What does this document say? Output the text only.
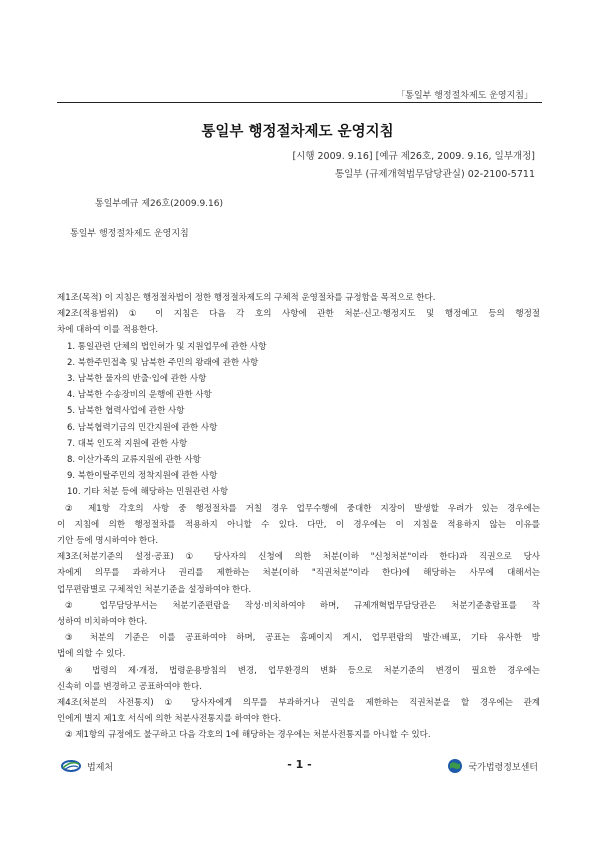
「통일부 행정절차제도 운영지침」
통일부 행정절차제도 운영지침
[시행 2009. 9.16] [예규 제26호, 2009. 9.16, 일부개정]
통일부 (규제개혁법무담당관실) 02-2100-5711
통일부예규 제26호(2009.9.16)
통일부 행정절차제도 운영지침

제1조(목적) 이 지침은 행정절차법이 정한 행정절차제도의 구체적 운영절차를 규정함을 목적으로 한다.

제2조(적용범위) ① 이 지침은 다음 각 호의 사항에 관한 처분·신고·행정지도 및 행정예고 등의 행정절

차에 대하여 이를 적용한다.

1. 통일관련 단체의 법인허가 및 지원업무에 관한 사항

2. 북한주민접촉 및 남북한 주민의 왕래에 관한 사항

3. 남북한 물자의 반출·입에 관한 사항

4. 남북한 수송장비의 운행에 관한 사항

5. 남북한 협력사업에 관한 사항

6. 남북협력기금의 민간지원에 관한 사항

7. 대북 인도적 지원에 관한 사항

8. 이산가족의 교류지원에 관한 사항

9. 북한이탈주민의 정착지원에 관한 사항

10. 기타 처분 등에 해당하는 민원관련 사항

② 제1항 각호의 사항 중 행정절차를 거칠 경우 업무수행에 중대한 지장이 발생할 우려가 있는 경우에는

이 지침에 의한 행정절차를 적용하지 아니할 수 있다. 다만, 이 경우에는 이 지침을 적용하지 않는 이유를

기안 등에 명시하여야 한다.

제3조(처분기준의 설정·공표) ① 당사자의 신청에 의한 처분(이하 "신청처분"이라 한다)과 직권으로 당사

자에게 의무를 과하거나 권리를 제한하는 처분(이하 "직권처분"이라 한다)에 해당하는 사무에 대해서는

업무편람별로 구체적인 처분기준을 설정하여야 한다.

② 업무담당부서는 처분기준편람을 작성·비치하여야 하며, 규제개혁법무담당관은 처분기준총람표를 작

성하여 비치하여야 한다.

③ 처분의 기준은 이를 공표하여야 하며, 공표는 홈페이지 게시, 업무편람의 발간·배포, 기타 유사한 방

법에 의할 수 있다.

④ 법령의 제·개정, 법령운용방침의 변경, 업무환경의 변화 등으로 처분기준의 변경이 필요한 경우에는

신속히 이를 변경하고 공표하여야 한다.

제4조(처분의 사전통지) ① 당사자에게 의무를 부과하거나 권익을 제한하는 직권처분을 할 경우에는 관계

인에게 별지 제1호 서식에 의한 처분사전통지를 하여야 한다.

② 제1항의 규정에도 불구하고 다음 각호의 1에 해당하는 경우에는 처분사전통지를 아니할 수 있다.

법제처	- 1 -	국가법령정보센터
